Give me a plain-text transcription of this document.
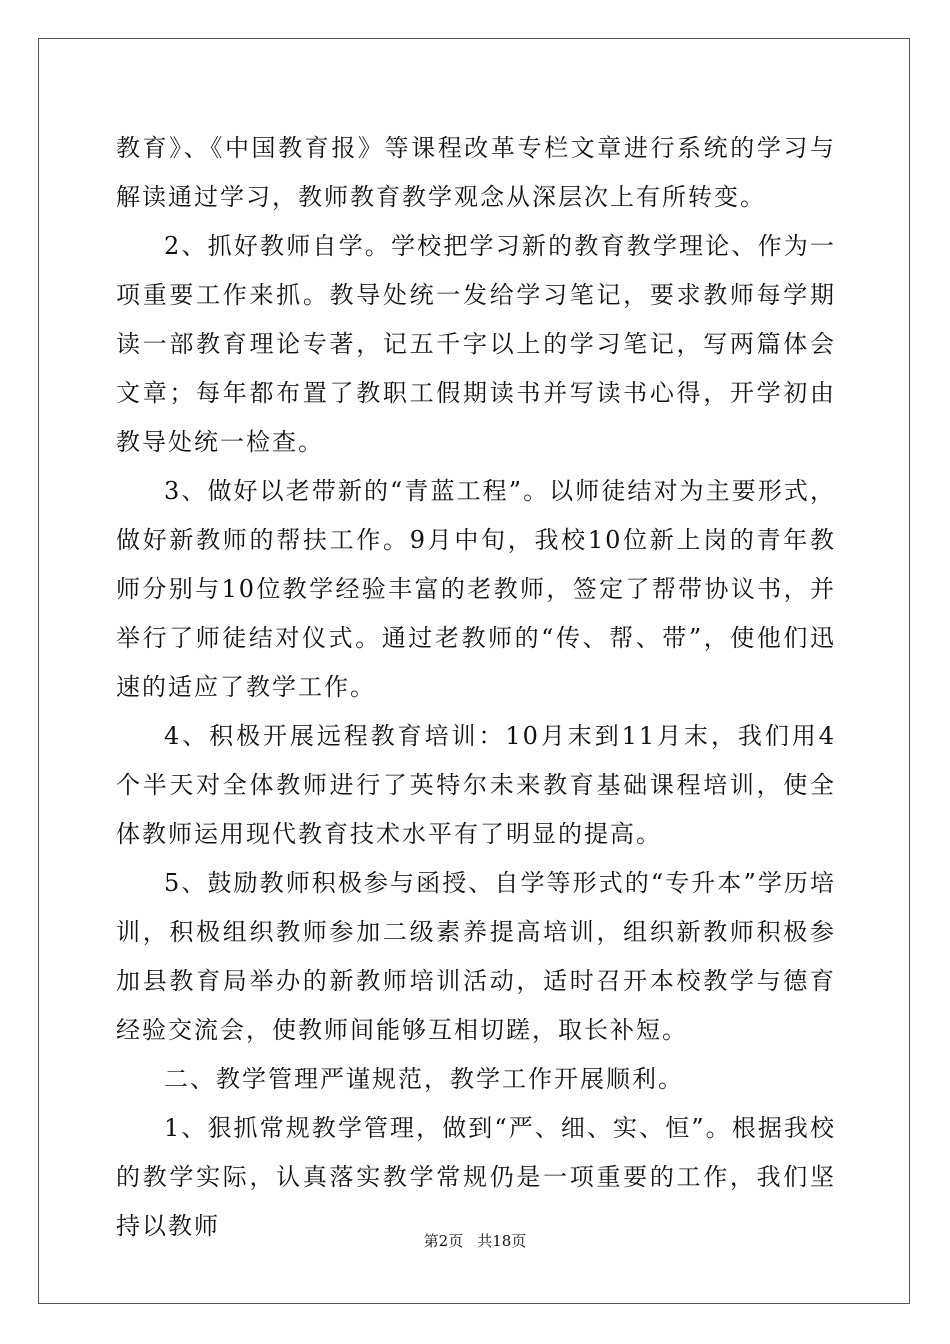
教育》、《中国教育报》等课程改革专栏文章进行系统的学习与解读通过学习，教师教育教学观念从深层次上有所转变。

2、抓好教师自学。学校把学习新的教育教学理论、作为一项重要工作来抓。教导处统一发给学习笔记，要求教师每学期读一部教育理论专著，记五千字以上的学习笔记，写两篇体会文章；每年都布置了教职工假期读书并写读书心得，开学初由教导处统一检查。

3、做好以老带新的“青蓝工程”。以师徒结对为主要形式，做好新教师的帮扶工作。9月中旬，我校10位新上岗的青年教师分别与10位教学经验丰富的老教师，签定了帮带协议书，并举行了师徒结对仪式。通过老教师的“传、帮、带”，使他们迅速的适应了教学工作。

4、积极开展远程教育培训：10月末到11月末，我们用4个半天对全体教师进行了英特尔未来教育基础课程培训，使全体教师运用现代教育技术水平有了明显的提高。

5、鼓励教师积极参与函授、自学等形式的“专升本”学历培训，积极组织教师参加二级素养提高培训，组织新教师积极参加县教育局举办的新教师培训活动，适时召开本校教学与德育经验交流会，使教师间能够互相切蹉，取长补短。

二、教学管理严谨规范，教学工作开展顺利。

1、狠抓常规教学管理，做到“严、细、实、恒”。根据我校的教学实际，认真落实教学常规仍是一项重要的工作，我们坚持以教师

第2页 共18页
